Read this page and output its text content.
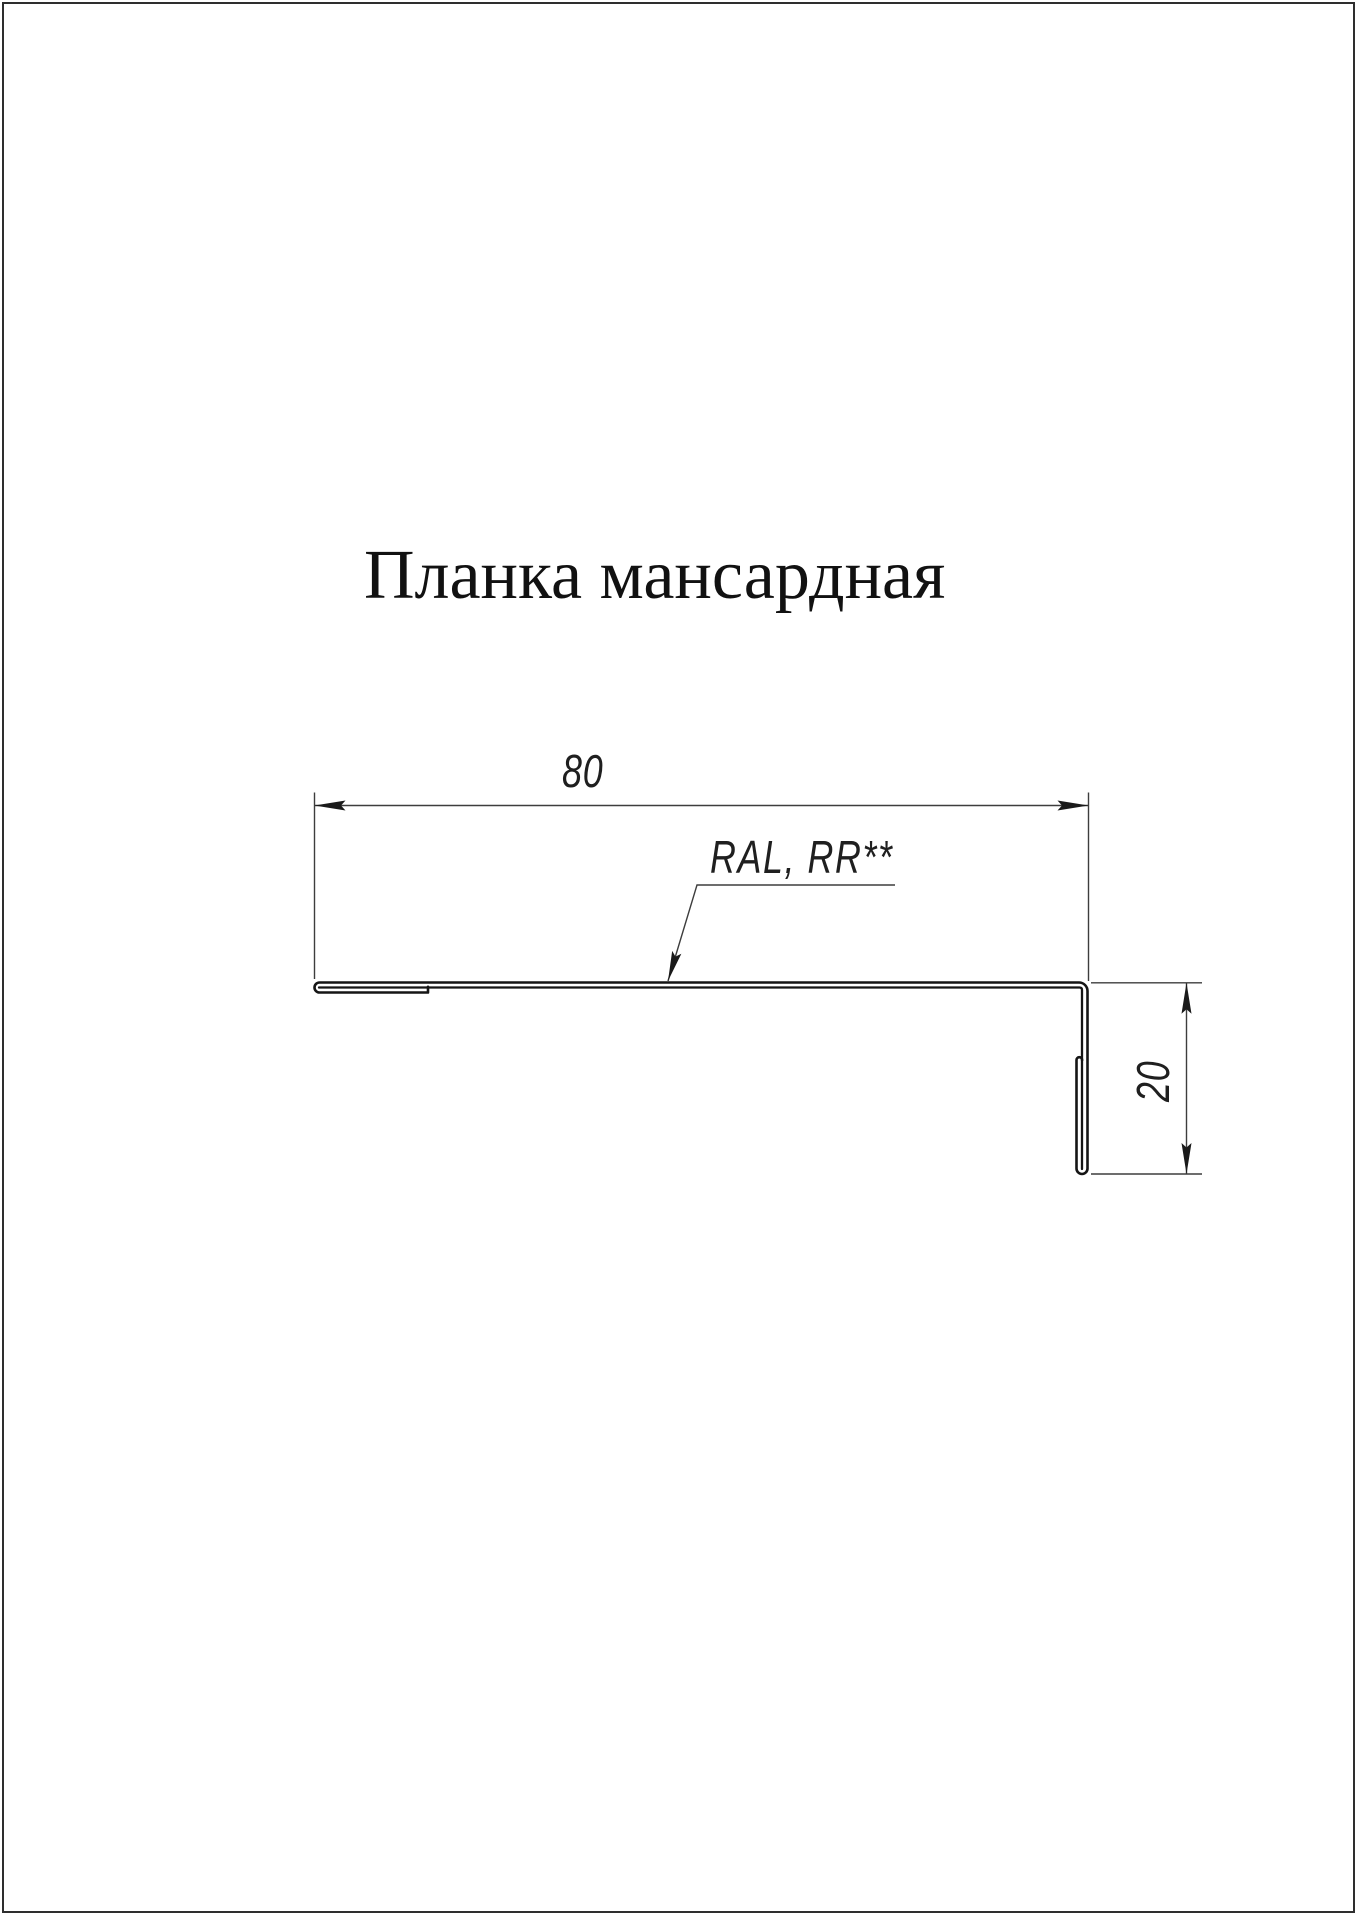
Планка мансардная
80
RAL, RR**
20
